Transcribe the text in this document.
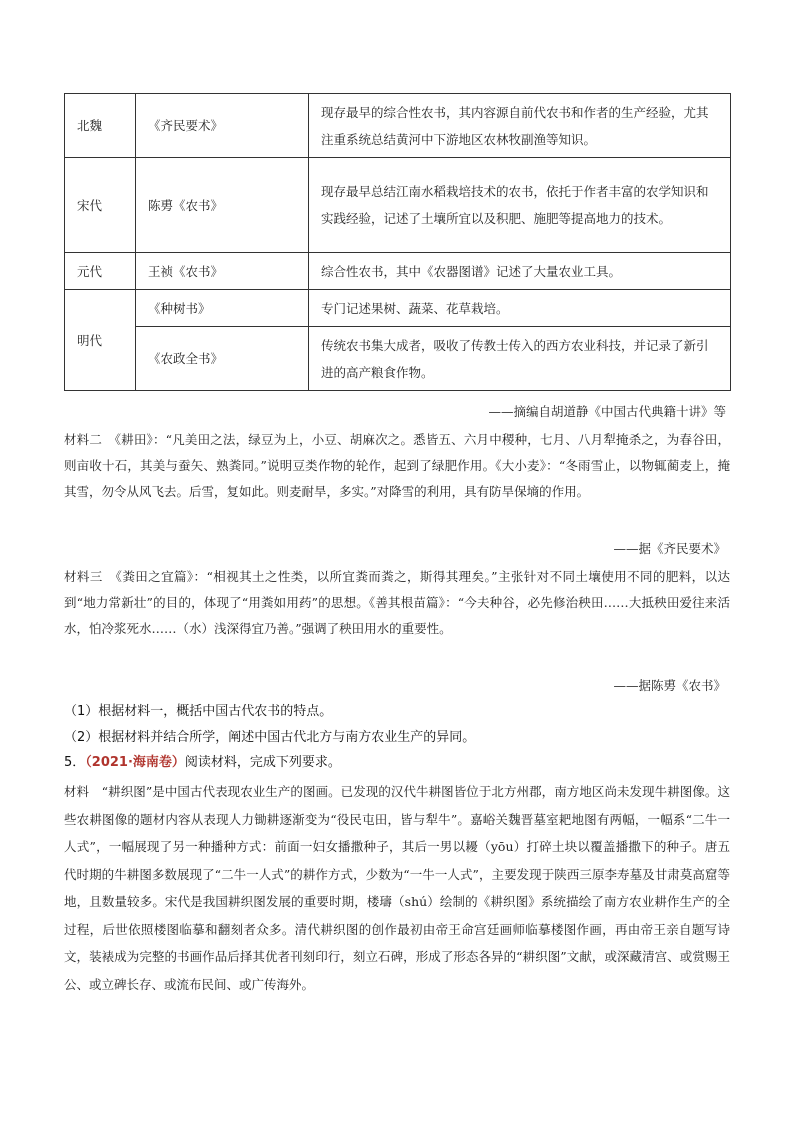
北魏	《齐民要术》	现存最早的综合性农书，其内容源自前代农书和作者的生产经验，尤其注重系统总结黄河中下游地区农林牧副渔等知识。
宋代	陈旉《农书》	现存最早总结江南水稻栽培技术的农书，依托于作者丰富的农学知识和实践经验，记述了土壤所宜以及积肥、施肥等提高地力的技术。
元代	王祯《农书》	综合性农书，其中《农器图谱》记述了大量农业工具。
明代	《种树书》	专门记述果树、蔬菜、花草栽培。
	《农政全书》	传统农书集大成者，吸收了传教士传入的西方农业科技，并记录了新引进的高产粮食作物。
——摘编自胡道静《中国古代典籍十讲》等
材料二　《耕田》：“凡美田之法，绿豆为上，小豆、胡麻次之。悉皆五、六月中稷种，七月、八月犁掩杀之，为春谷田，则亩收十石，其美与蚕矢、熟粪同。”说明豆类作物的轮作，起到了绿肥作用。《大小麦》：“冬雨雪止，以物辄蔺麦上，掩其雪，勿令从风飞去。后雪，复如此。则麦耐旱，多实。”对降雪的利用，具有防旱保墒的作用。
——据《齐民要术》
材料三　《粪田之宜篇》：“相视其土之性类，以所宜粪而粪之，斯得其理矣。”主张针对不同土壤使用不同的肥料，以达到“地力常新壮”的目的，体现了“用粪如用药”的思想。《善其根苗篇》：“今夫种谷，必先修治秧田……大抵秧田爱往来活水，怕冷浆死水……（水）浅深得宜乃善。”强调了秧田用水的重要性。
——据陈旉《农书》
（1）根据材料一，概括中国古代农书的特点。
（2）根据材料并结合所学，阐述中国古代北方与南方农业生产的异同。
5．（2021·海南卷）阅读材料，完成下列要求。
材料　“耕织图”是中国古代表现农业生产的图画。已发现的汉代牛耕图皆位于北方州郡，南方地区尚未发现牛耕图像。这些农耕图像的题材内容从表现人力锄耕逐渐变为“役民屯田，皆与犁牛”。嘉峪关魏晋墓室耙地图有两幅，一幅系“二牛一人式”，一幅展现了另一种播种方式：前面一妇女播撒种子，其后一男以耰（yōu）打碎土块以覆盖播撒下的种子。唐五代时期的牛耕图多数展现了“二牛一人式”的耕作方式，少数为“一牛一人式”，主要发现于陕西三原李寿墓及甘肃莫高窟等地，且数量较多。宋代是我国耕织图发展的重要时期，楼璹（shú）绘制的《耕织图》系统描绘了南方农业耕作生产的全过程，后世依照楼图临摹和翻刻者众多。清代耕织图的创作最初由帝王命宫廷画师临摹楼图作画，再由帝王亲自题写诗文，装裱成为完整的书画作品后择其优者刊刻印行，刻立石碑，形成了形态各异的“耕织图”文献，或深藏清宫、或赏赐王公、或立碑长存、或流布民间、或广传海外。
